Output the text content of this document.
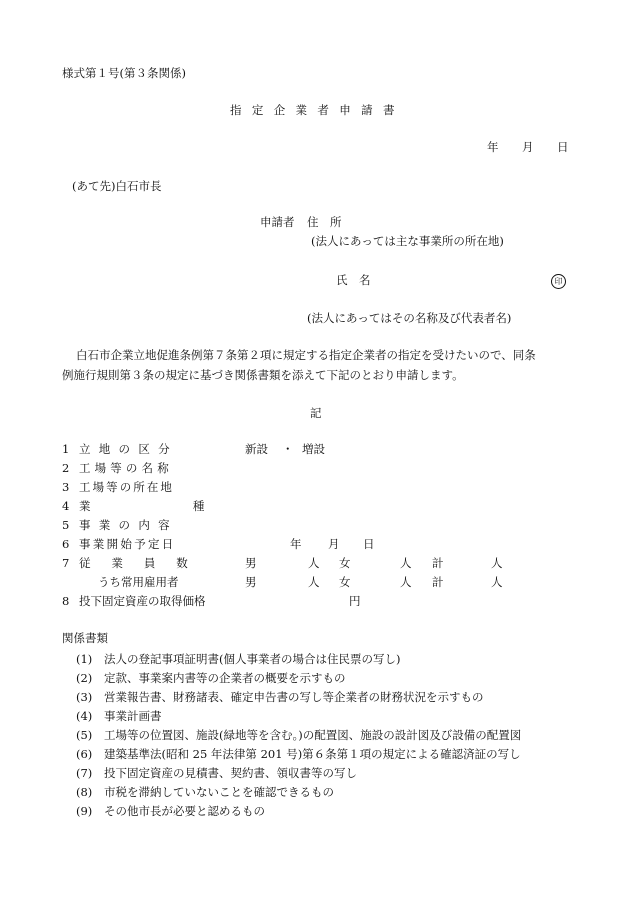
様式第１号(第３条関係)
指定企業者申請書
年 月 日
(あて先)白石市長
申請者 住　所
(法人にあっては主な事業所の所在地)
氏　名	印
(法人にあってはその名称及び代表者名)
白石市企業立地促進条例第７条第２項に規定する指定企業者の指定を受けたいので、同条
例施行規則第３条の規定に基づき関係書類を添えて下記のとおり申請します。
記
1 立地の区分	新設 ・ 増設
2 工場等の名称
3 工場等の所在地
4 業種
5 事業の内容
6 事業開始予定日	年 月 日
7 従業員数	男	人 女	人 計	人
うち常用雇用者	男	人 女	人 計	人
8 投下固定資産の取得価格	円
関係書類
(1) 法人の登記事項証明書(個人事業者の場合は住民票の写し)
(2) 定款、事業案内書等の企業者の概要を示すもの
(3) 営業報告書、財務諸表、確定申告書の写し等企業者の財務状況を示すもの
(4) 事業計画書
(5) 工場等の位置図、施設(緑地等を含む。)の配置図、施設の設計図及び設備の配置図
(6) 建築基準法(昭和 25 年法律第 201 号)第６条第１項の規定による確認済証の写し
(7) 投下固定資産の見積書、契約書、領収書等の写し
(8) 市税を滞納していないことを確認できるもの
(9) その他市長が必要と認めるもの
